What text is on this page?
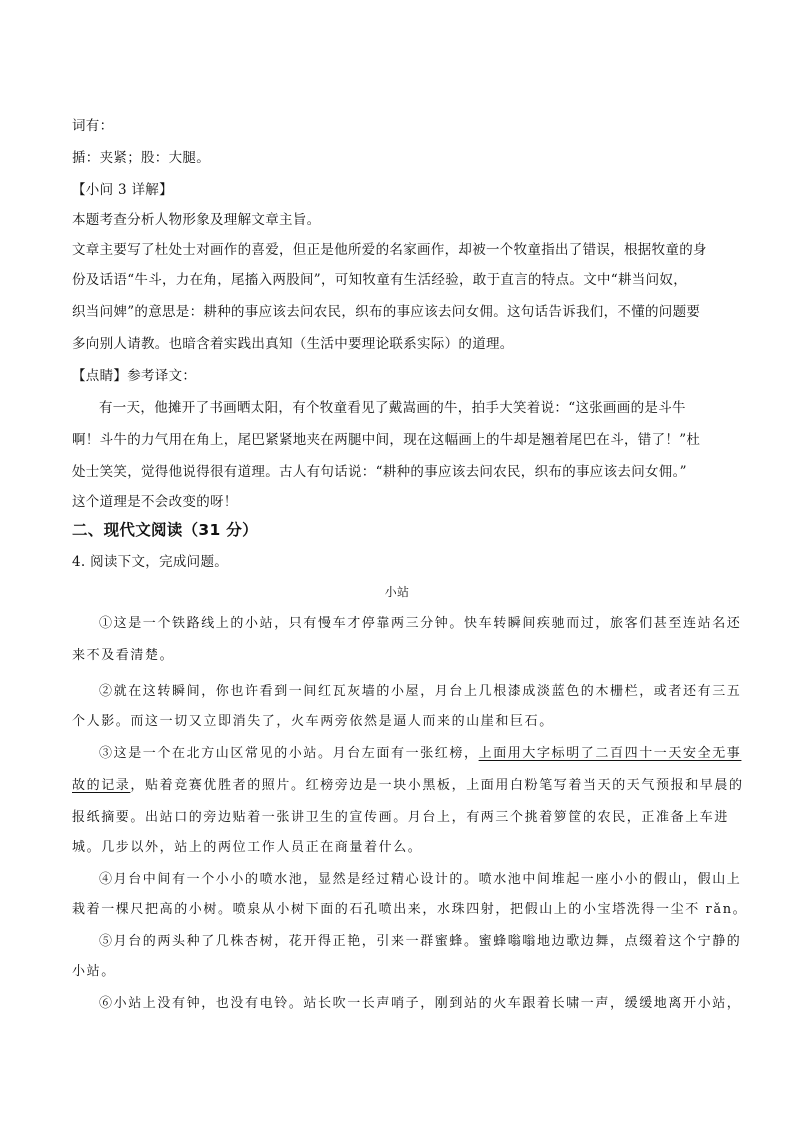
词有：
揗：夹紧；股：大腿。
【小问 3 详解】
本题考查分析人物形象及理解文章主旨。
文章主要写了杜处士对画作的喜爱，但正是他所爱的名家画作，却被一个牧童指出了错误，根据牧童的身
份及话语“牛斗，力在角，尾搐入两股间”，可知牧童有生活经验，敢于直言的特点。文中“耕当问奴，
织当问婢”的意思是：耕种的事应该去问农民，织布的事应该去问女佣。这句话告诉我们，不懂的问题要
多向别人请教。也暗含着实践出真知（生活中要理论联系实际）的道理。
【点睛】参考译文：
有一天，他摊开了书画晒太阳，有个牧童看见了戴嵩画的牛，拍手大笑着说：“这张画画的是斗牛
啊！斗牛的力气用在角上，尾巴紧紧地夹在两腿中间，现在这幅画上的牛却是翘着尾巴在斗，错了！”杜
处士笑笑，觉得他说得很有道理。古人有句话说：“耕种的事应该去问农民，织布的事应该去问女佣。”
这个道理是不会改变的呀！
二、现代文阅读（31 分）
4. 阅读下文，完成问题。
小站
①这是一个铁路线上的小站，只有慢车才停靠两三分钟。快车转瞬间疾驰而过，旅客们甚至连站名还
来不及看清楚。
②就在这转瞬间，你也许看到一间红瓦灰墙的小屋，月台上几根漆成淡蓝色的木栅栏，或者还有三五
个人影。而这一切又立即消失了，火车两旁依然是逼人而来的山崖和巨石。
③这是一个在北方山区常见的小站。月台左面有一张红榜，上面用大字标明了二百四十一天安全无事
故的记录，贴着竞赛优胜者的照片。红榜旁边是一块小黑板，上面用白粉笔写着当天的天气预报和早晨的
报纸摘要。出站口的旁边贴着一张讲卫生的宣传画。月台上，有两三个挑着箩筐的农民，正准备上车进
城。几步以外，站上的两位工作人员正在商量着什么。
④月台中间有一个小小的喷水池，显然是经过精心设计的。喷水池中间堆起一座小小的假山，假山上
栽着一棵尺把高的小树。喷泉从小树下面的石孔喷出来，水珠四射，把假山上的小宝塔洗得一尘不 rǎn。
⑤月台的两头种了几株杏树，花开得正艳，引来一群蜜蜂。蜜蜂嗡嗡地边歌边舞，点缀着这个宁静的
小站。
⑥小站上没有钟，也没有电铃。站长吹一长声哨子，刚到站的火车跟着长啸一声，缓缓地离开小站，
